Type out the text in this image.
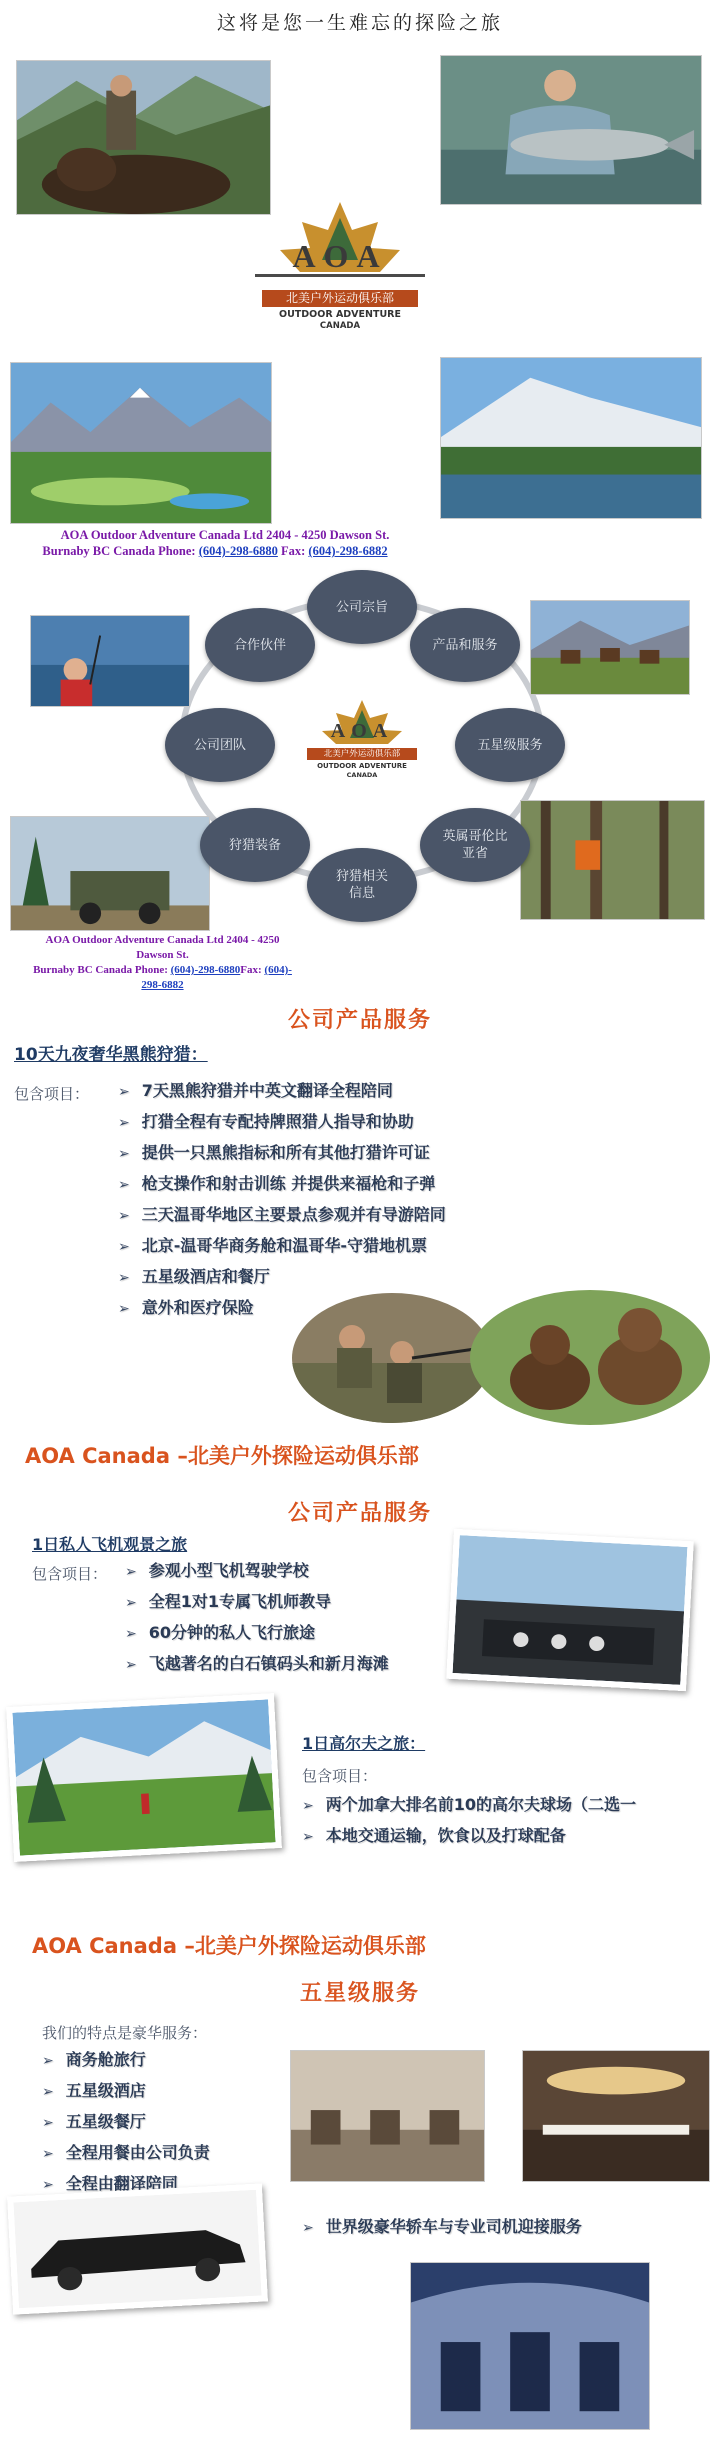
这将是您一生难忘的探险之旅
AOA
北美户外运动俱乐部
OUTDOOR ADVENTURE
CANADA
AOA Outdoor Adventure Canada Ltd 2404 - 4250 Dawson St.
Burnaby BC Canada Phone: (604)-298-6880 Fax: (604)-298-6882
AOA
北美户外运动俱乐部
OUTDOOR ADVENTURE
CANADA
公司宗旨
产品和服务
五星级服务
英属哥伦比亚省
狩猎相关信息
狩猎装备
公司团队
合作伙伴
AOA Outdoor Adventure Canada Ltd 2404 - 4250
Dawson St.
Burnaby BC Canada Phone: (604)-298-6880Fax: (604)-
298-6882
公司产品服务
10天九夜奢华黑熊狩猎：
包含项目： ➢ 7天黑熊狩猎并中英文翻译全程陪同
➢ 打猎全程有专配持牌照猎人指导和协助
➢ 提供一只黑熊指标和所有其他打猎许可证
➢ 枪支操作和射击训练 并提供来福枪和子弹
➢ 三天温哥华地区主要景点参观并有导游陪同
➢ 北京-温哥华商务舱和温哥华-守猎地机票
➢ 五星级酒店和餐厅
➢ 意外和医疗保险
AOA Canada –北美户外探险运动俱乐部
公司产品服务
1日私人飞机观景之旅
包含项目： ➢ 参观小型飞机驾驶学校
➢ 全程1对1专属飞机师教导
➢ 60分钟的私人飞行旅途
➢ 飞越著名的白石镇码头和新月海滩
1日高尔夫之旅：
包含项目：
➢ 两个加拿大排名前10的高尔夫球场（二选一
➢ 本地交通运输，饮食以及打球配备
AOA Canada –北美户外探险运动俱乐部
五星级服务
我们的特点是豪华服务：
➢ 商务舱旅行
➢ 五星级酒店
➢ 五星级餐厅
➢ 全程用餐由公司负责
➢ 全程由翻译陪同
➢ 世界级豪华轿车与专业司机迎接服务
